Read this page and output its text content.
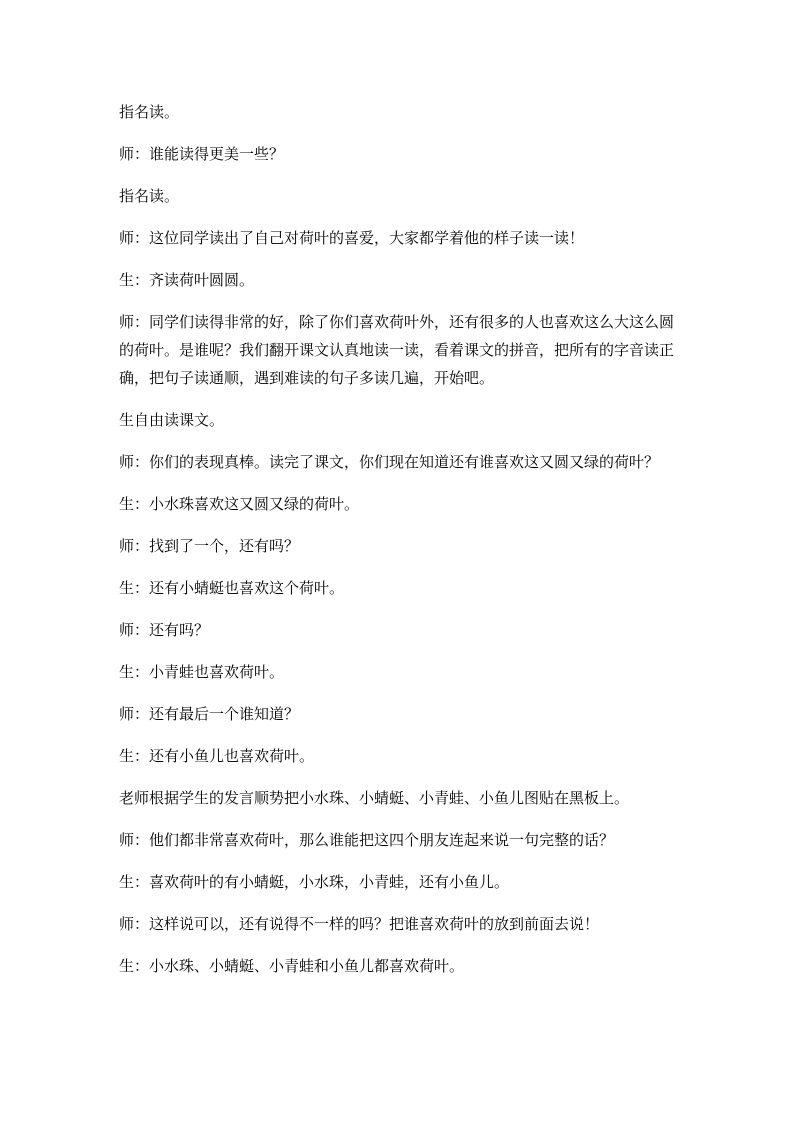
指名读。

师：谁能读得更美一些？

指名读。

师：这位同学读出了自己对荷叶的喜爱，大家都学着他的样子读一读！

生：齐读荷叶圆圆。

师：同学们读得非常的好，除了你们喜欢荷叶外，还有很多的人也喜欢这么大这么圆的荷叶。是谁呢？我们翻开课文认真地读一读，看着课文的拼音，把所有的字音读正确，把句子读通顺，遇到难读的句子多读几遍，开始吧。

生自由读课文。

师：你们的表现真棒。读完了课文，你们现在知道还有谁喜欢这又圆又绿的荷叶？

生：小水珠喜欢这又圆又绿的荷叶。

师：找到了一个，还有吗？

生：还有小蜻蜓也喜欢这个荷叶。

师：还有吗？

生：小青蛙也喜欢荷叶。

师：还有最后一个谁知道？

生：还有小鱼儿也喜欢荷叶。

老师根据学生的发言顺势把小水珠、小蜻蜓、小青蛙、小鱼儿图贴在黑板上。

师：他们都非常喜欢荷叶，那么谁能把这四个朋友连起来说一句完整的话？

生：喜欢荷叶的有小蜻蜓，小水珠，小青蛙，还有小鱼儿。

师：这样说可以，还有说得不一样的吗？把谁喜欢荷叶的放到前面去说！

生：小水珠、小蜻蜓、小青蛙和小鱼儿都喜欢荷叶。
